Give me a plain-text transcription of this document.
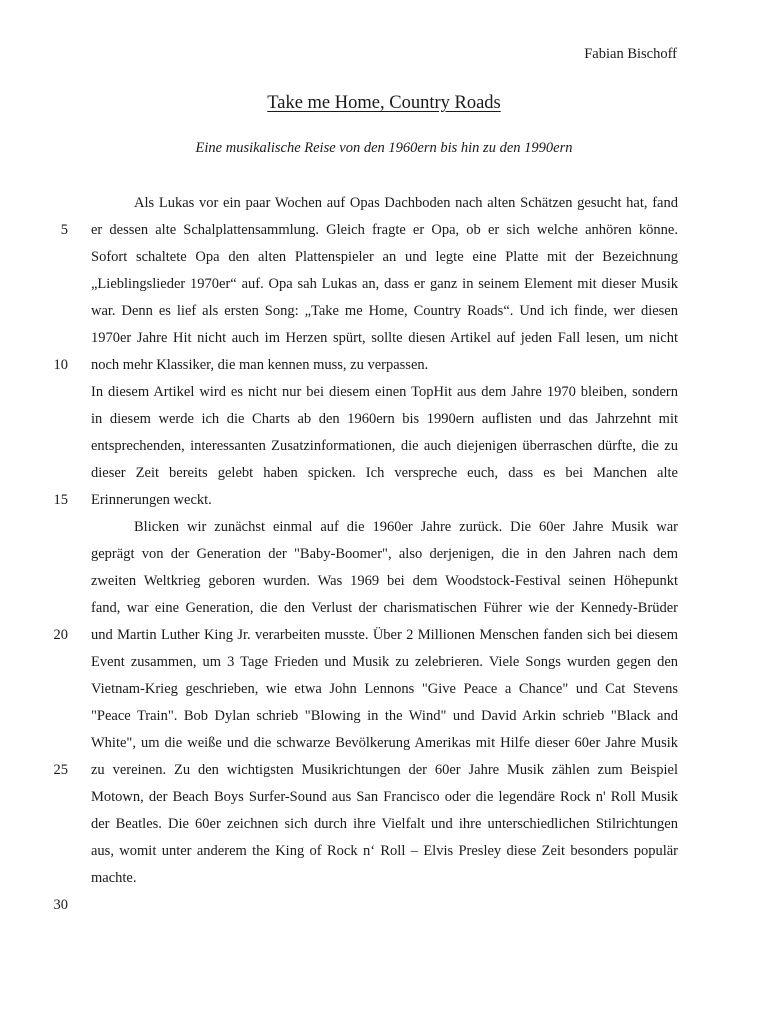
Fabian Bischoff
Take me Home, Country Roads
Eine musikalische Reise von den 1960ern bis hin zu den 1990ern
Als Lukas vor ein paar Wochen auf Opas Dachboden nach alten Schätzen gesucht hat, fand
er dessen alte Schalplattensammlung. Gleich fragte er Opa, ob er sich welche anhören könne.
Sofort schaltete Opa den alten Plattenspieler an und legte eine Platte mit der Bezeichnung
„Lieblingslieder 1970er“ auf. Opa sah Lukas an, dass er ganz in seinem Element mit dieser Musik
war. Denn es lief als ersten Song: „Take me Home, Country Roads“. Und ich finde, wer diesen
1970er Jahre Hit nicht auch im Herzen spürt, sollte diesen Artikel auf jeden Fall lesen, um nicht
noch mehr Klassiker, die man kennen muss, zu verpassen.
In diesem Artikel wird es nicht nur bei diesem einen TopHit aus dem Jahre 1970 bleiben, sondern
in diesem werde ich die Charts ab den 1960ern bis 1990ern auflisten und das Jahrzehnt mit
entsprechenden, interessanten Zusatzinformationen, die auch diejenigen überraschen dürfte, die zu
dieser Zeit bereits gelebt haben spicken. Ich verspreche euch, dass es bei Manchen alte
Erinnerungen weckt.
Blicken wir zunächst einmal auf die 1960er Jahre zurück. Die 60er Jahre Musik war
geprägt von der Generation der "Baby-Boomer", also derjenigen, die in den Jahren nach dem
zweiten Weltkrieg geboren wurden. Was 1969 bei dem Woodstock-Festival seinen Höhepunkt
fand, war eine Generation, die den Verlust der charismatischen Führer wie der Kennedy-Brüder
und Martin Luther King Jr. verarbeiten musste. Über 2 Millionen Menschen fanden sich bei diesem
Event zusammen, um 3 Tage Frieden und Musik zu zelebrieren. Viele Songs wurden gegen den
Vietnam-Krieg geschrieben, wie etwa John Lennons "Give Peace a Chance" und Cat Stevens
"Peace Train". Bob Dylan schrieb "Blowing in the Wind" und David Arkin schrieb "Black and
White", um die weiße und die schwarze Bevölkerung Amerikas mit Hilfe dieser 60er Jahre Musik
zu vereinen. Zu den wichtigsten Musikrichtungen der 60er Jahre Musik zählen zum Beispiel
Motown, der Beach Boys Surfer-Sound aus San Francisco oder die legendäre Rock n' Roll Musik
der Beatles. Die 60er zeichnen sich durch ihre Vielfalt und ihre unterschiedlichen Stilrichtungen
aus, womit unter anderem the King of Rock n‘ Roll – Elvis Presley diese Zeit besonders populär
machte.
5
10
15
20
25
30
